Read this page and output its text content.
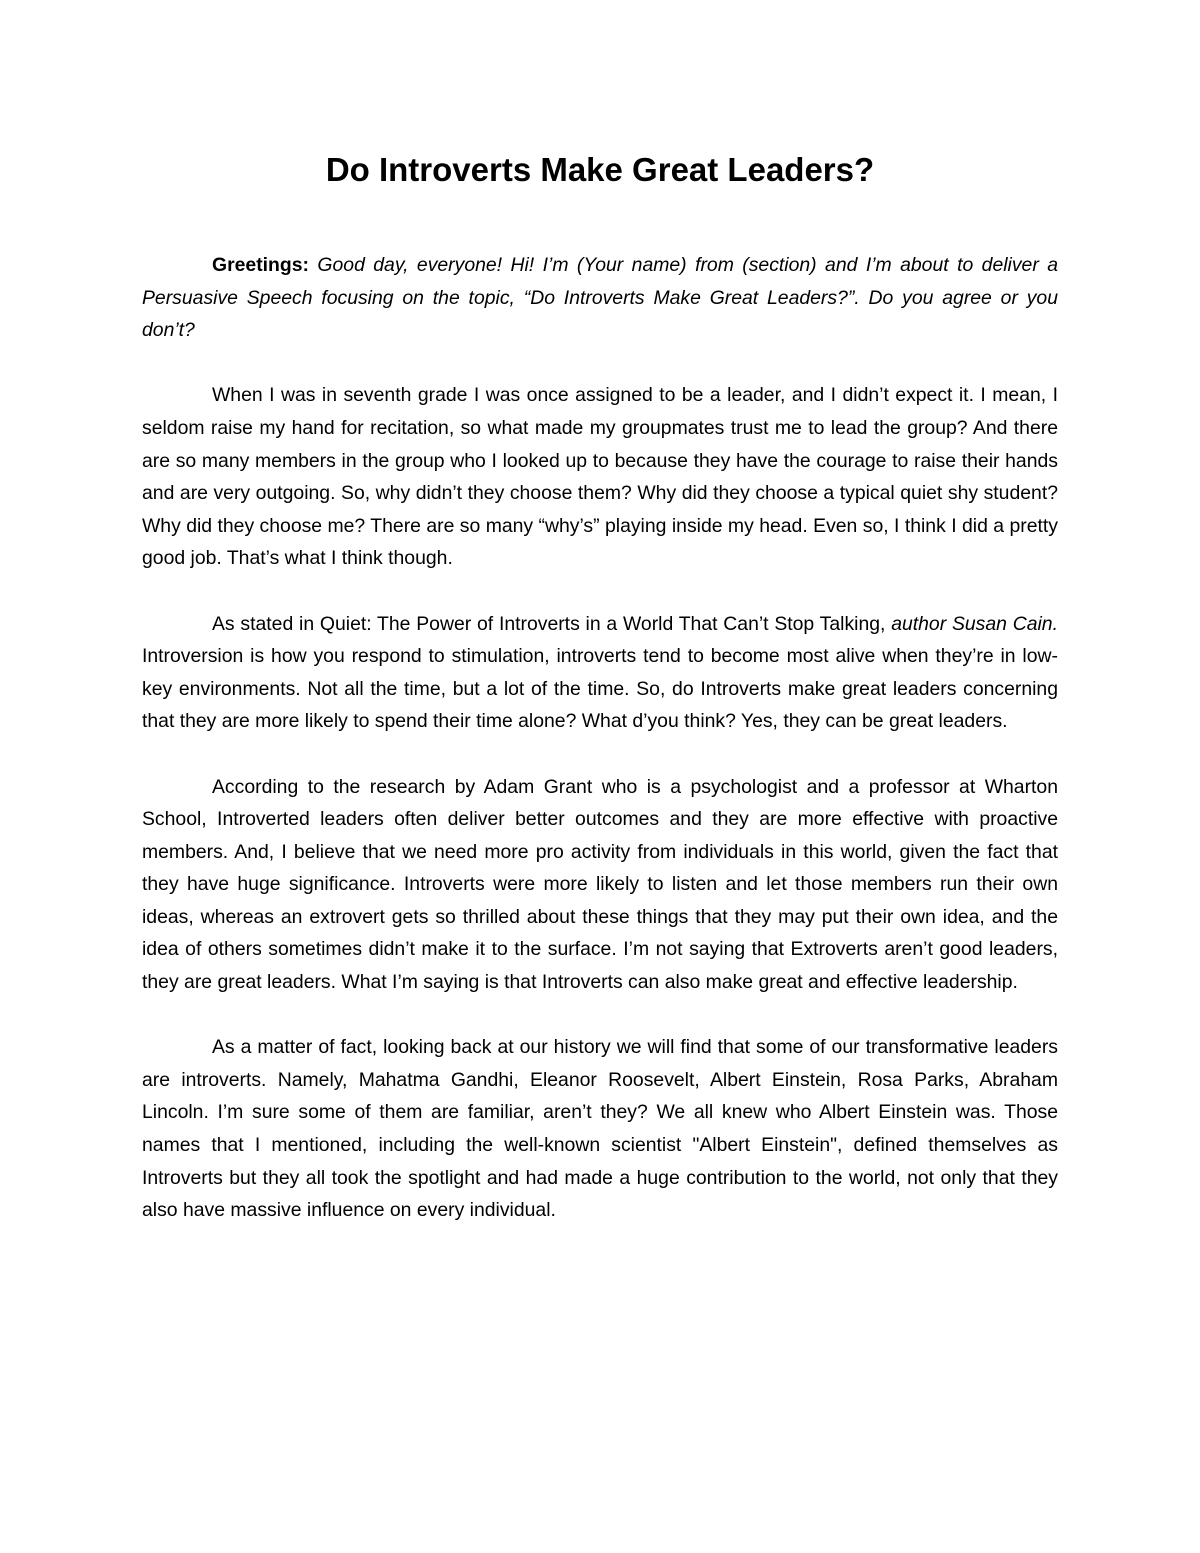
Do Introverts Make Great Leaders?

Greetings: Good day, everyone! Hi! I’m (Your name) from (section) and I’m about to deliver a Persuasive Speech focusing on the topic, “Do Introverts Make Great Leaders?”. Do you agree or you don’t?

When I was in seventh grade I was once assigned to be a leader, and I didn’t expect it. I mean, I seldom raise my hand for recitation, so what made my groupmates trust me to lead the group? And there are so many members in the group who I looked up to because they have the courage to raise their hands and are very outgoing. So, why didn’t they choose them? Why did they choose a typical quiet shy student? Why did they choose me? There are so many “why’s” playing inside my head. Even so, I think I did a pretty good job. That’s what I think though.

As stated in Quiet: The Power of Introverts in a World That Can’t Stop Talking, author Susan Cain. Introversion is how you respond to stimulation, introverts tend to become most alive when they’re in low-key environments. Not all the time, but a lot of the time. So, do Introverts make great leaders concerning that they are more likely to spend their time alone? What d’you think? Yes, they can be great leaders.

According to the research by Adam Grant who is a psychologist and a professor at Wharton School, Introverted leaders often deliver better outcomes and they are more effective with proactive members. And, I believe that we need more pro activity from individuals in this world, given the fact that they have huge significance. Introverts were more likely to listen and let those members run their own ideas, whereas an extrovert gets so thrilled about these things that they may put their own idea, and the idea of others sometimes didn’t make it to the surface. I’m not saying that Extroverts aren’t good leaders, they are great leaders. What I’m saying is that Introverts can also make great and effective leadership.

As a matter of fact, looking back at our history we will find that some of our transformative leaders are introverts. Namely, Mahatma Gandhi, Eleanor Roosevelt, Albert Einstein, Rosa Parks, Abraham Lincoln. I’m sure some of them are familiar, aren’t they? We all knew who Albert Einstein was. Those names that I mentioned, including the well-known scientist "Albert Einstein", defined themselves as Introverts but they all took the spotlight and had made a huge contribution to the world, not only that they also have massive influence on every individual.
